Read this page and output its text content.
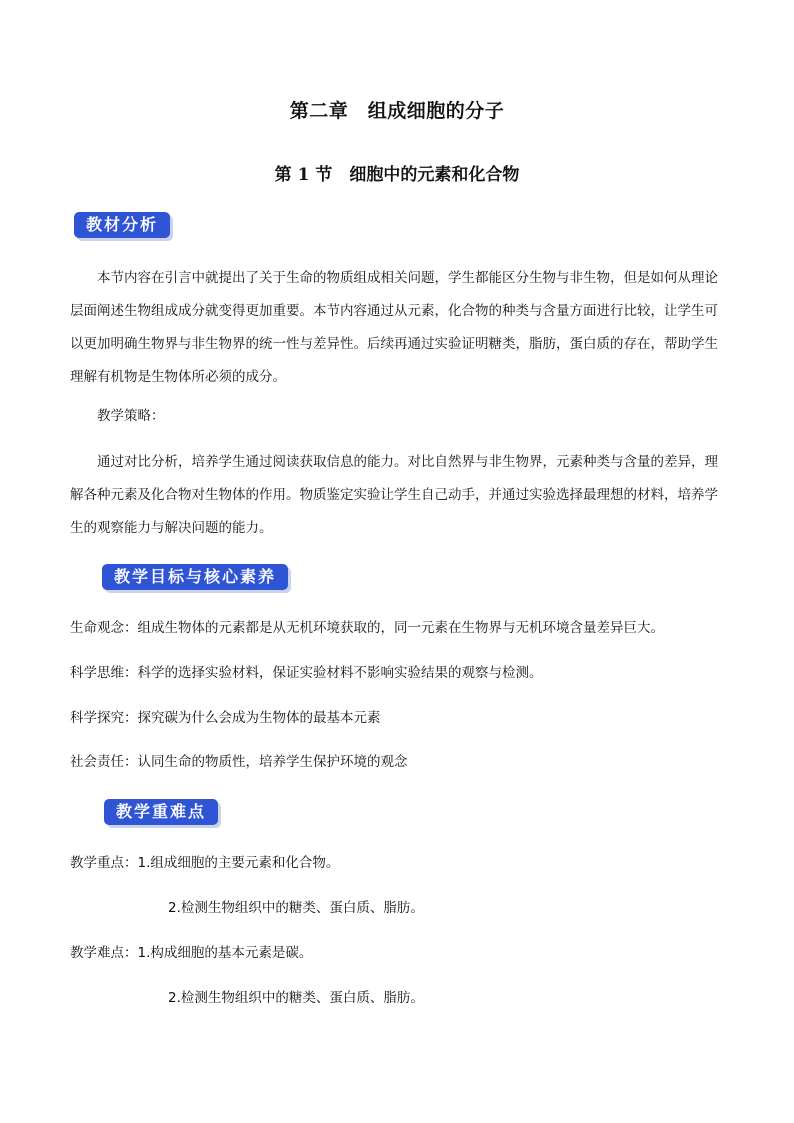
第二章　组成细胞的分子
第 1 节　细胞中的元素和化合物
教材分析
本节内容在引言中就提出了关于生命的物质组成相关问题，学生都能区分生物与非生物，但是如何从理论层面阐述生物组成成分就变得更加重要。本节内容通过从元素，化合物的种类与含量方面进行比较，让学生可以更加明确生物界与非生物界的统一性与差异性。后续再通过实验证明糖类，脂肪，蛋白质的存在，帮助学生理解有机物是生物体所必须的成分。
教学策略：
通过对比分析，培养学生通过阅读获取信息的能力。对比自然界与非生物界，元素种类与含量的差异，理解各种元素及化合物对生物体的作用。物质鉴定实验让学生自己动手，并通过实验选择最理想的材料，培养学生的观察能力与解决问题的能力。
教学目标与核心素养
生命观念：组成生物体的元素都是从无机环境获取的，同一元素在生物界与无机环境含量差异巨大。
科学思维：科学的选择实验材料，保证实验材料不影响实验结果的观察与检测。
科学探究：探究碳为什么会成为生物体的最基本元素
社会责任：认同生命的物质性，培养学生保护环境的观念
教学重难点
教学重点：1.组成细胞的主要元素和化合物。
2.检测生物组织中的糖类、蛋白质、脂肪。
教学难点：1.构成细胞的基本元素是碳。
2.检测生物组织中的糖类、蛋白质、脂肪。
